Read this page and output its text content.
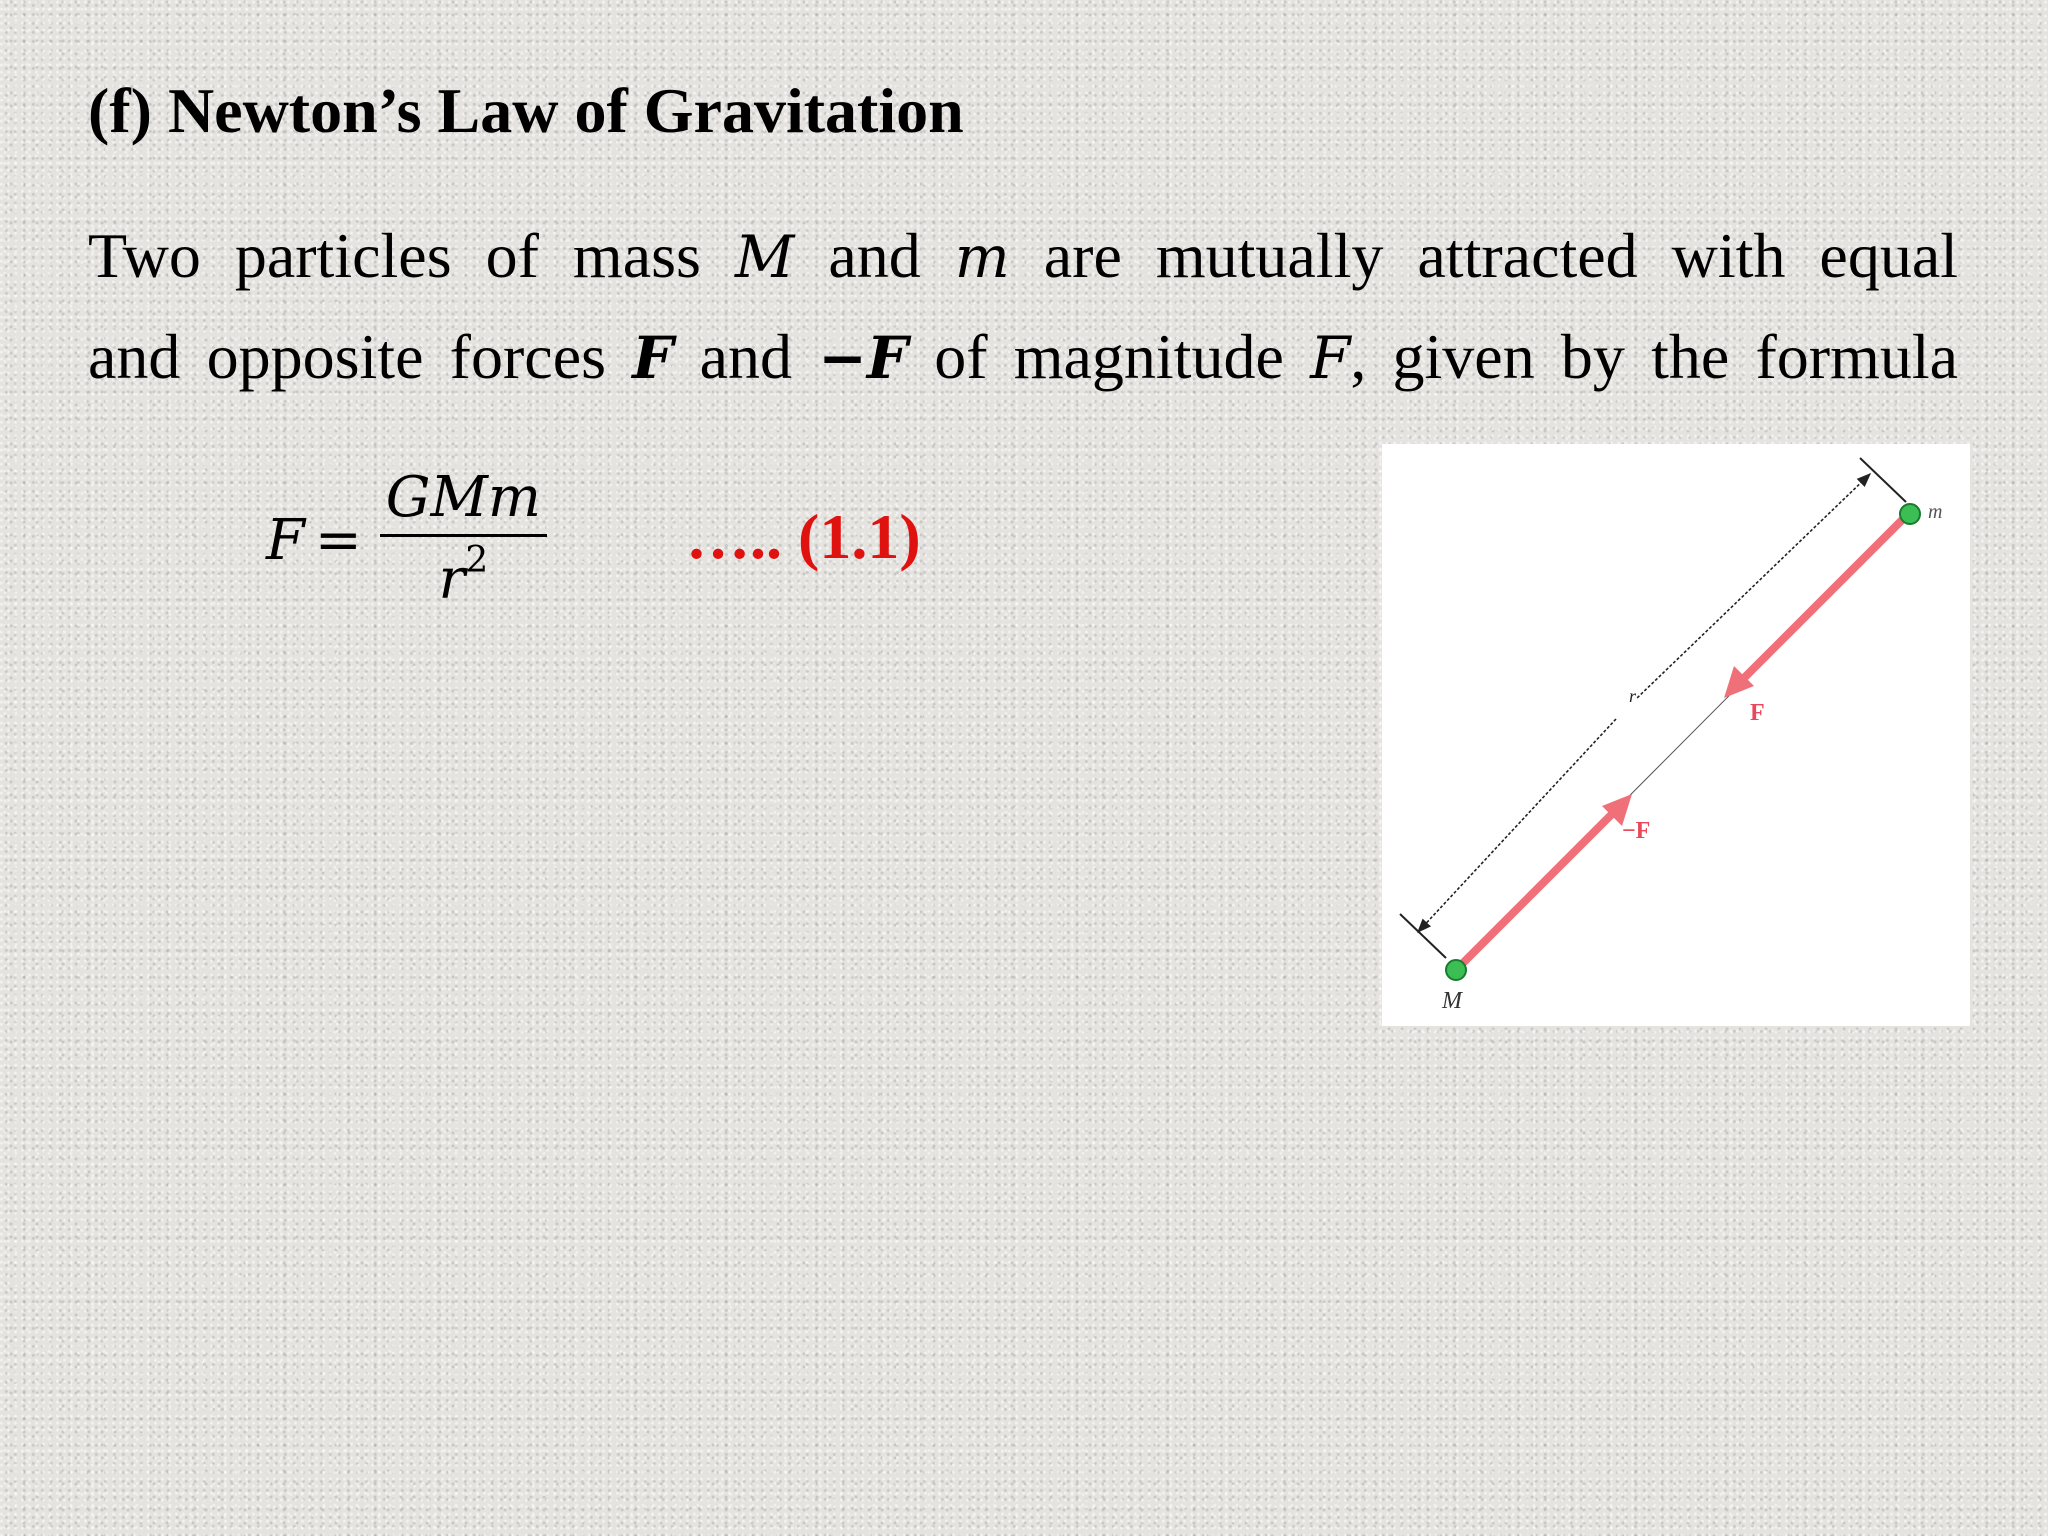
(f) Newton’s Law of Gravitation

Two particles of mass M and m are mutually attracted with equal
and opposite forces F and −F of magnitude F, given by the formula

$F = \frac{\text{GMm}}{r^2}$ ….. (1.1)
r
F
−F
m
M
